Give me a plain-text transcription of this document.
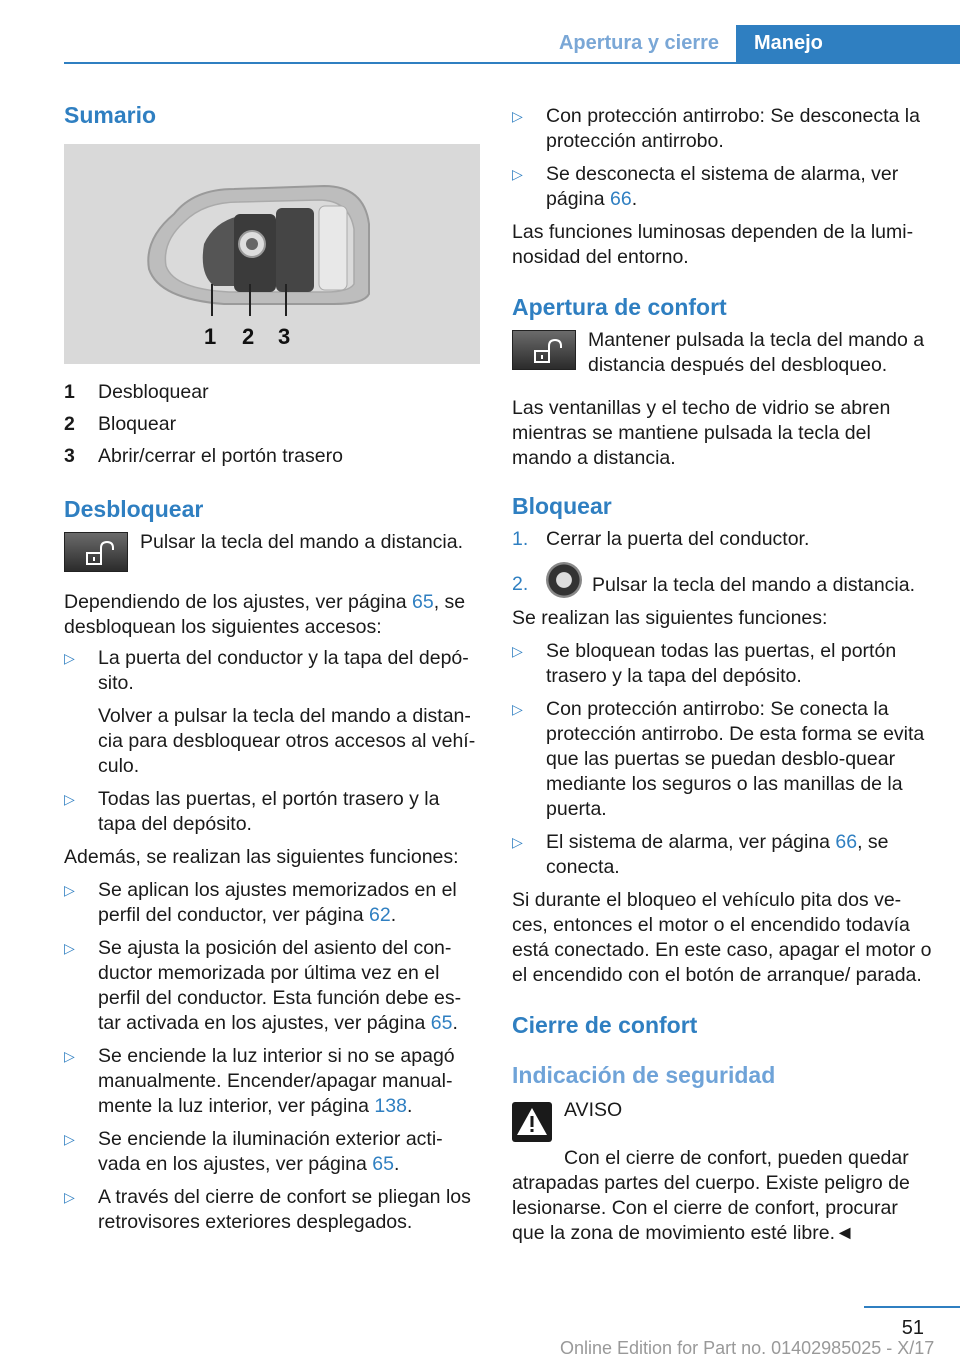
Apertura y cierre	Manejo
Sumario
1 2 3
1	Desbloquear
2	Bloquear
3	Abrir/cerrar el portón trasero
Desbloquear
Pulsar la tecla del mando a distancia.

Dependiendo de los ajustes, ver página 65, se desbloquean los siguientes accesos:

▷	La puerta del conductor y la tapa del depó-sito.
Volver a pulsar la tecla del mando a distan-cia para desbloquear otros accesos al vehí-culo.
▷	Todas las puertas, el portón trasero y la tapa del depósito.

Además, se realizan las siguientes funciones:

▷	Se aplican los ajustes memorizados en el perfil del conductor, ver página 62.
▷	Se ajusta la posición del asiento del con-ductor memorizada por última vez en el perfil del conductor. Esta función debe es-tar activada en los ajustes, ver página 65.
▷	Se enciende la luz interior si no se apagó manualmente. Encender/apagar manual-mente la luz interior, ver página 138.
▷	Se enciende la iluminación exterior acti-vada en los ajustes, ver página 65.
▷	A través del cierre de confort se pliegan los retrovisores exteriores desplegados.
▷	Con protección antirrobo: Se desconecta la protección antirrobo.
▷	Se desconecta el sistema de alarma, ver página 66.

Las funciones luminosas dependen de la lumi-nosidad del entorno.

Apertura de confort
Mantener pulsada la tecla del mando a distancia después del desbloqueo.

Las ventanillas y el techo de vidrio se abren mientras se mantiene pulsada la tecla del mando a distancia.

Bloquear
1. Cerrar la puerta del conductor.
2.	Pulsar la tecla del mando a distancia.

Se realizan las siguientes funciones:

▷	Se bloquean todas las puertas, el portón trasero y la tapa del depósito.
▷	Con protección antirrobo: Se conecta la protección antirrobo. De esta forma se evita que las puertas se puedan desblo-quear mediante los seguros o las manillas de la puerta.
▷	El sistema de alarma, ver página 66, se conecta.

Si durante el bloqueo el vehículo pita dos ve-ces, entonces el motor o el encendido todavía está conectado. En este caso, apagar el motor o el encendido con el botón de arranque/ parada.

Cierre de confort
Indicación de seguridad
AVISO
Con el cierre de confort, pueden quedar atrapadas partes del cuerpo. Existe peligro de lesionarse. Con el cierre de confort, procurar que la zona de movimiento esté libre.◄
51
Online Edition for Part no. 01402985025 - X/17
